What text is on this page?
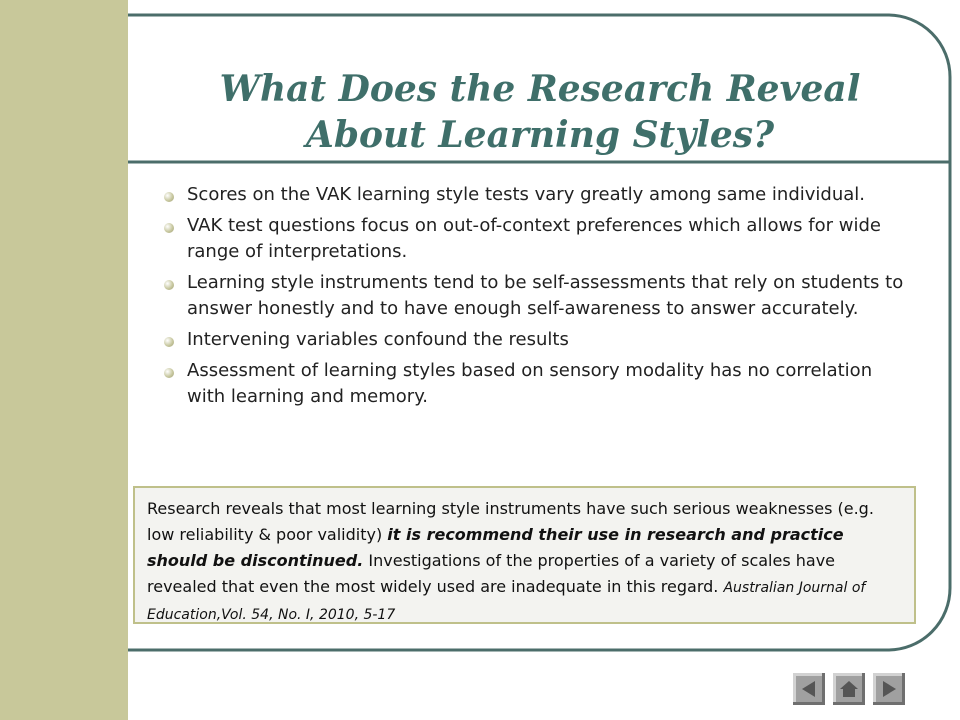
What Does the Research Reveal
About Learning Styles?
Scores on the VAK learning style tests vary greatly among same individual.
VAK test questions focus on out-of-context preferences which allows for wide range of interpretations.
Learning style instruments tend to be self-assessments that rely on students to answer honestly and to have enough self-awareness to answer accurately.
Intervening variables confound the results
Assessment of learning styles based on sensory modality has no correlation with learning and memory.
Research reveals that most learning style instruments have such serious weaknesses (e.g. low reliability & poor validity) it is recommend their use in research and practice should be discontinued. Investigations of the properties of a variety of scales have revealed that even the most widely used are inadequate in this regard. Australian Journal of Education,Vol. 54, No. I, 2010, 5-17
